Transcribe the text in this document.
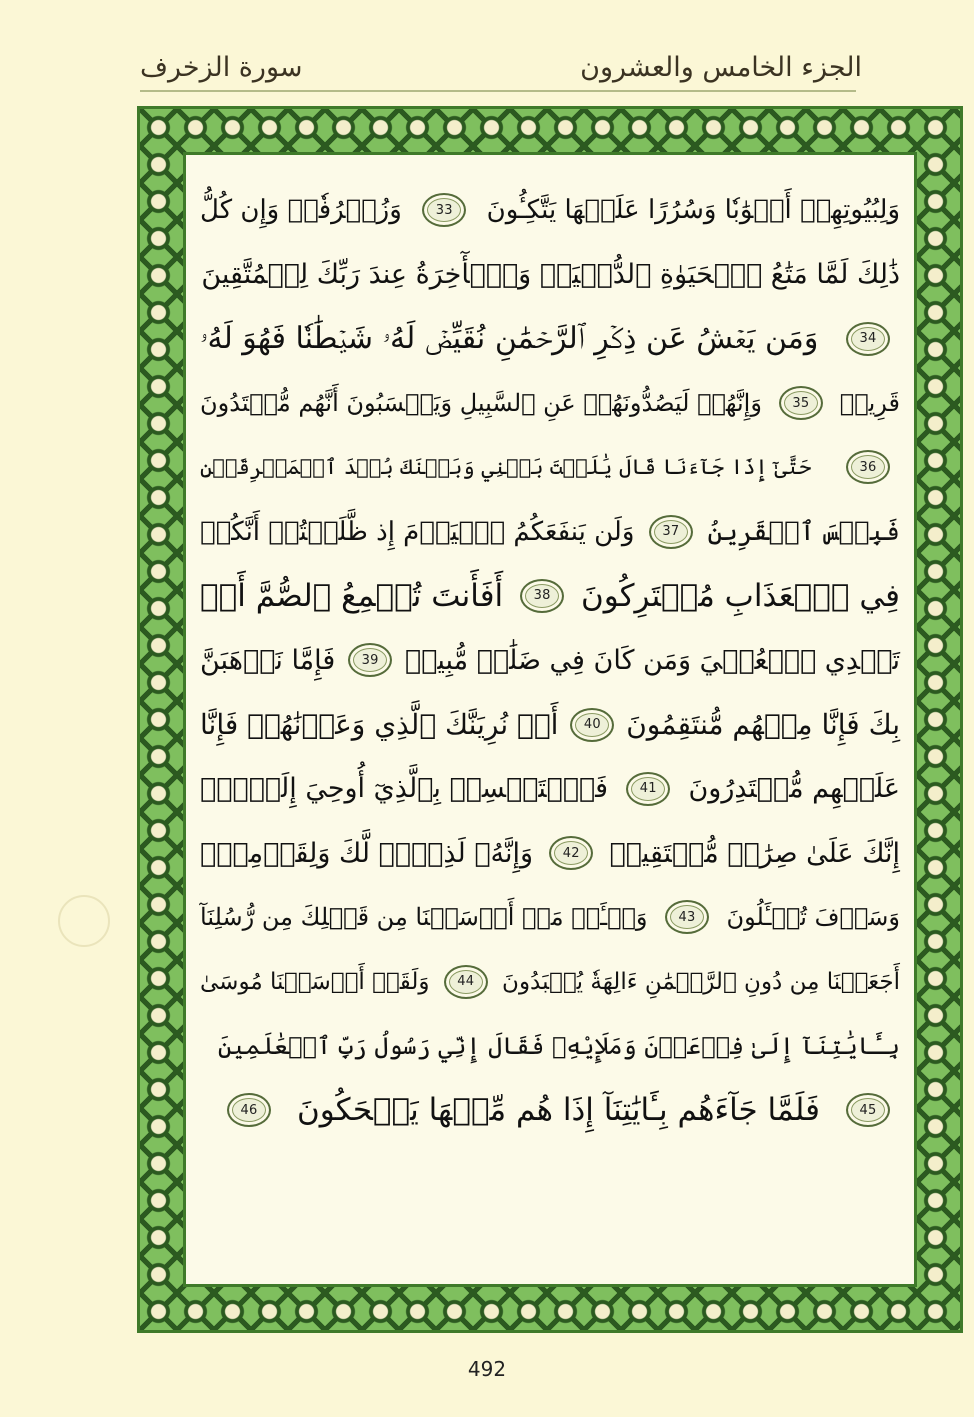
الجزء الخامس والعشرون
سورة الزخرف
وَلِبُيُوتِهِمۡ أَبۡوَٰبٗا وَسُرُرًا عَلَيۡهَا يَتَّكِـُٔونَ
33
وَزُخۡرُفٗاۚ وَإِن كُلُّ
ذَٰلِكَ لَمَّا مَتَٰعُ ٱلۡحَيَوٰةِ ٱلدُّنۡيَاۚ وَٱلۡأٓخِرَةُ عِندَ رَبِّكَ لِلۡمُتَّقِينَ
34
وَمَن يَعۡشُ عَن ذِكۡرِ ٱلرَّحۡمَٰنِ نُقَيِّضۡ لَهُۥ شَيۡطَٰنٗا فَهُوَ لَهُۥ
قَرِينٞ
35
وَإِنَّهُمۡ لَيَصُدُّونَهُمۡ عَنِ ٱلسَّبِيلِ وَيَحۡسَبُونَ أَنَّهُم مُّهۡتَدُونَ
36
حَتَّىٰٓ إِذَا جَآءَنَا قَالَ يَٰلَيۡتَ بَيۡنِي وَبَيۡنَكَ بُعۡدَ ٱلۡمَشۡرِقَيۡنِ
فَبِئۡسَ ٱلۡقَرِينُ
37
وَلَن يَنفَعَكُمُ ٱلۡيَوۡمَ إِذ ظَّلَمۡتُمۡ أَنَّكُمۡ
فِي ٱلۡعَذَابِ مُشۡتَرِكُونَ
38
أَفَأَنتَ تُسۡمِعُ ٱلصُّمَّ أَوۡ
تَهۡدِي ٱلۡعُمۡيَ وَمَن كَانَ فِي ضَلَٰلٖ مُّبِينٖ
39
فَإِمَّا نَذۡهَبَنَّ
بِكَ فَإِنَّا مِنۡهُم مُّنتَقِمُونَ
40
أَوۡ نُرِيَنَّكَ ٱلَّذِي وَعَدۡنَٰهُمۡ فَإِنَّا
عَلَيۡهِم مُّقۡتَدِرُونَ
41
فَٱسۡتَمۡسِكۡ بِٱلَّذِيٓ أُوحِيَ إِلَيۡكَۖ
إِنَّكَ عَلَىٰ صِرَٰطٖ مُّسۡتَقِيمٖ
42
وَإِنَّهُۥ لَذِكۡرٞ لَّكَ وَلِقَوۡمِكَۖ
وَسَوۡفَ تُسۡـَٔلُونَ
43
وَسۡـَٔلۡ مَنۡ أَرۡسَلۡنَا مِن قَبۡلِكَ مِن رُّسُلِنَآ
أَجَعَلۡنَا مِن دُونِ ٱلرَّحۡمَٰنِ ءَالِهَةٗ يُعۡبَدُونَ
44
وَلَقَدۡ أَرۡسَلۡنَا مُوسَىٰ
بِـَٔايَٰتِنَآ إِلَىٰ فِرۡعَوۡنَ وَمَلَإِيْهِۦ فَقَالَ إِنِّي رَسُولُ رَبِّ ٱلۡعَٰلَمِينَ
45
فَلَمَّا جَآءَهُم بِـَٔايَٰتِنَآ إِذَا هُم مِّنۡهَا يَضۡحَكُونَ
46
492
